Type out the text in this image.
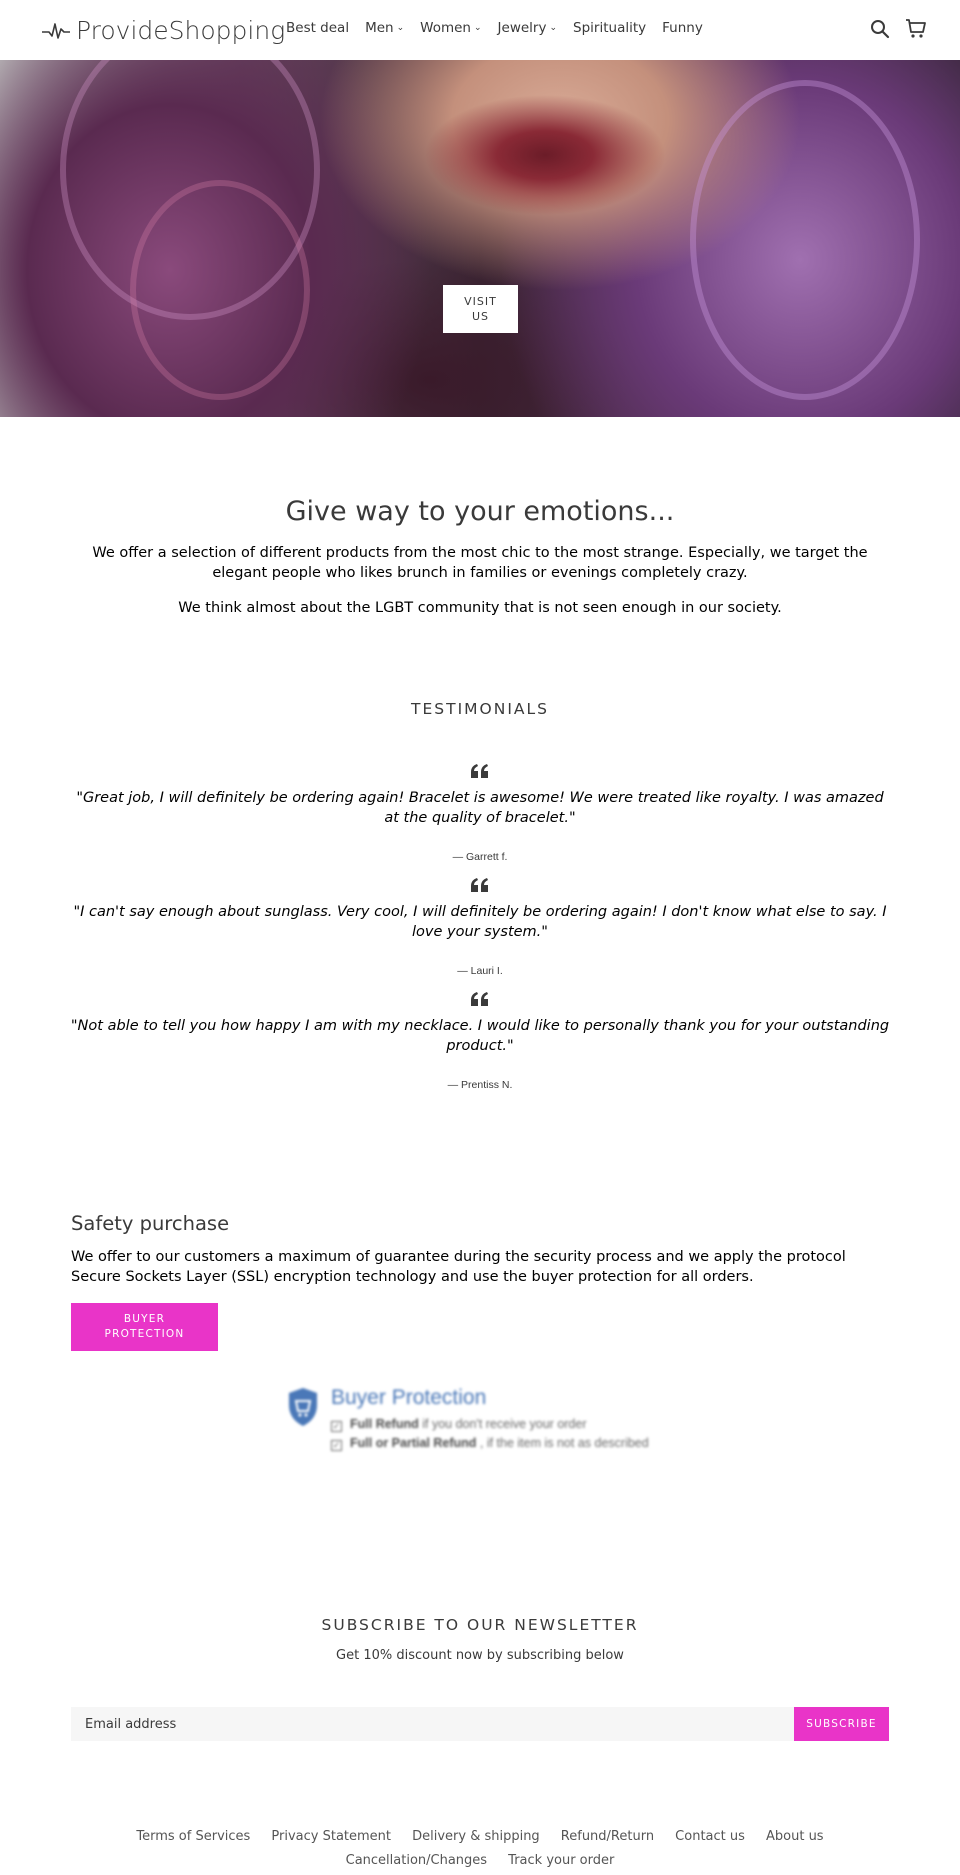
ProvideShopping Best deal Men ⌄ Women ⌄ Jewelry ⌄ Spirituality Funny
VISIT
US
Give way to your emotions...
We offer a selection of different products from the most chic to the most strange. Especially, we target the elegant people who likes brunch in families or evenings completely crazy.
We think almost about the LGBT community that is not seen enough in our society.
TESTIMONIALS
"Great job, I will definitely be ordering again! Bracelet is awesome! We were treated like royalty. I was amazed at the quality of bracelet."
— Garrett f.
"I can't say enough about sunglass. Very cool, I will definitely be ordering again! I don't know what else to say. I love your system."
— Lauri I.
"Not able to tell you how happy I am with my necklace. I would like to personally thank you for your outstanding product."
— Prentiss N.
Safety purchase
We offer to our customers a maximum of guarantee during the security process and we apply the protocol Secure Sockets Layer (SSL) encryption technology and use the buyer protection for all orders.
BUYER
PROTECTION
Buyer Protection
✓ Full Refund if you don't receive your order
✓ Full or Partial Refund , if the item is not as described
SUBSCRIBE TO OUR NEWSLETTER
Get 10% discount now by subscribing below
Email address
SUBSCRIBE
Terms of Services Privacy Statement Delivery & shipping Refund/Return Contact us About us Cancellation/Changes Track your order
